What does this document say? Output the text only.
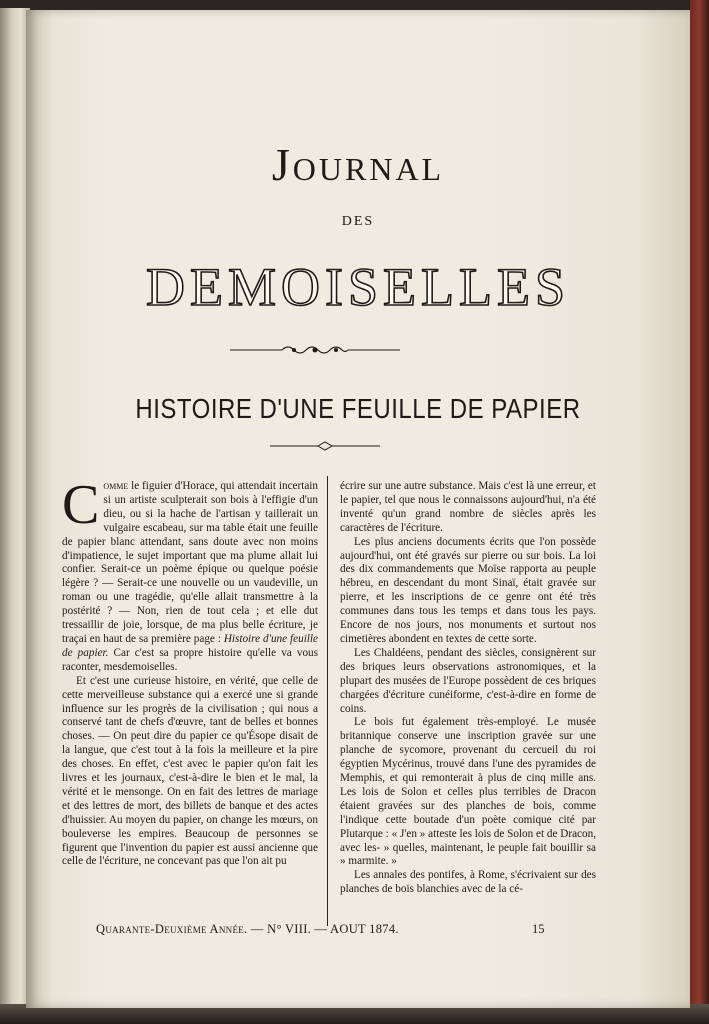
Journal
DES
DEMOISELLES
HISTOIRE D'UNE FEUILLE DE PAPIER

Comme le figuier d'Horace, qui attendait incertain si un artiste sculpterait son bois à l'effigie d'un dieu, ou si la hache de l'artisan y taillerait un vulgaire escabeau, sur ma table était une feuille de papier blanc attendant, sans doute avec non moins d'impatience, le sujet important que ma plume allait lui confier. Serait-ce un poème épique ou quelque poésie légère ? — Serait-ce une nouvelle ou un vaudeville, un roman ou une tragédie, qu'elle allait transmettre à la postérité ? — Non, rien de tout cela ; et elle dut tressaillir de joie, lorsque, de ma plus belle écriture, je traçai en haut de sa première page : Histoire d'une feuille de papier. Car c'est sa propre histoire qu'elle va vous raconter, mesdemoiselles.

Et c'est une curieuse histoire, en vérité, que celle de cette merveilleuse substance qui a exercé une si grande influence sur les progrès de la civilisation ; qui nous a conservé tant de chefs d'œuvre, tant de belles et bonnes choses. — On peut dire du papier ce qu'Ésope disait de la langue, que c'est tout à la fois la meilleure et la pire des choses. En effet, c'est avec le papier qu'on fait les livres et les journaux, c'est-à-dire le bien et le mal, la vérité et le mensonge. On en fait des lettres de mariage et des lettres de mort, des billets de banque et des actes d'huissier. Au moyen du papier, on change les mœurs, on bouleverse les empires. Beaucoup de personnes se figurent que l'invention du papier est aussi ancienne que celle de l'écriture, ne concevant pas que l'on ait pu

écrire sur une autre substance. Mais c'est là une erreur, et le papier, tel que nous le connaissons aujourd'hui, n'a été inventé qu'un grand nombre de siècles après les caractères de l'écriture.

Les plus anciens documents écrits que l'on possède aujourd'hui, ont été gravés sur pierre ou sur bois. La loi des dix commandements que Moïse rapporta au peuple hébreu, en descendant du mont Sinaï, était gravée sur pierre, et les inscriptions de ce genre ont été très communes dans tous les temps et dans tous les pays. Encore de nos jours, nos monuments et surtout nos cimetières abondent en textes de cette sorte.

Les Chaldéens, pendant des siècles, consignèrent sur des briques leurs observations astronomiques, et la plupart des musées de l'Europe possèdent de ces briques chargées d'écriture cunéiforme, c'est-à-dire en forme de coins.

Le bois fut également très-employé. Le musée britannique conserve une inscription gravée sur une planche de sycomore, provenant du cercueil du roi égyptien Mycérinus, trouvé dans l'une des pyramides de Memphis, et qui remonterait à plus de cinq mille ans. Les lois de Solon et celles plus terribles de Dracon étaient gravées sur des planches de bois, comme l'indique cette boutade d'un poète comique cité par Plutarque : « J'en » atteste les lois de Solon et de Dracon, avec les- » quelles, maintenant, le peuple fait bouillir sa » marmite. »

Les annales des pontifes, à Rome, s'écrivaient sur des planches de bois blanchies avec de la cé-

Quarante-Deuxième Année. — N° VIII. — AOUT 1874.	15
